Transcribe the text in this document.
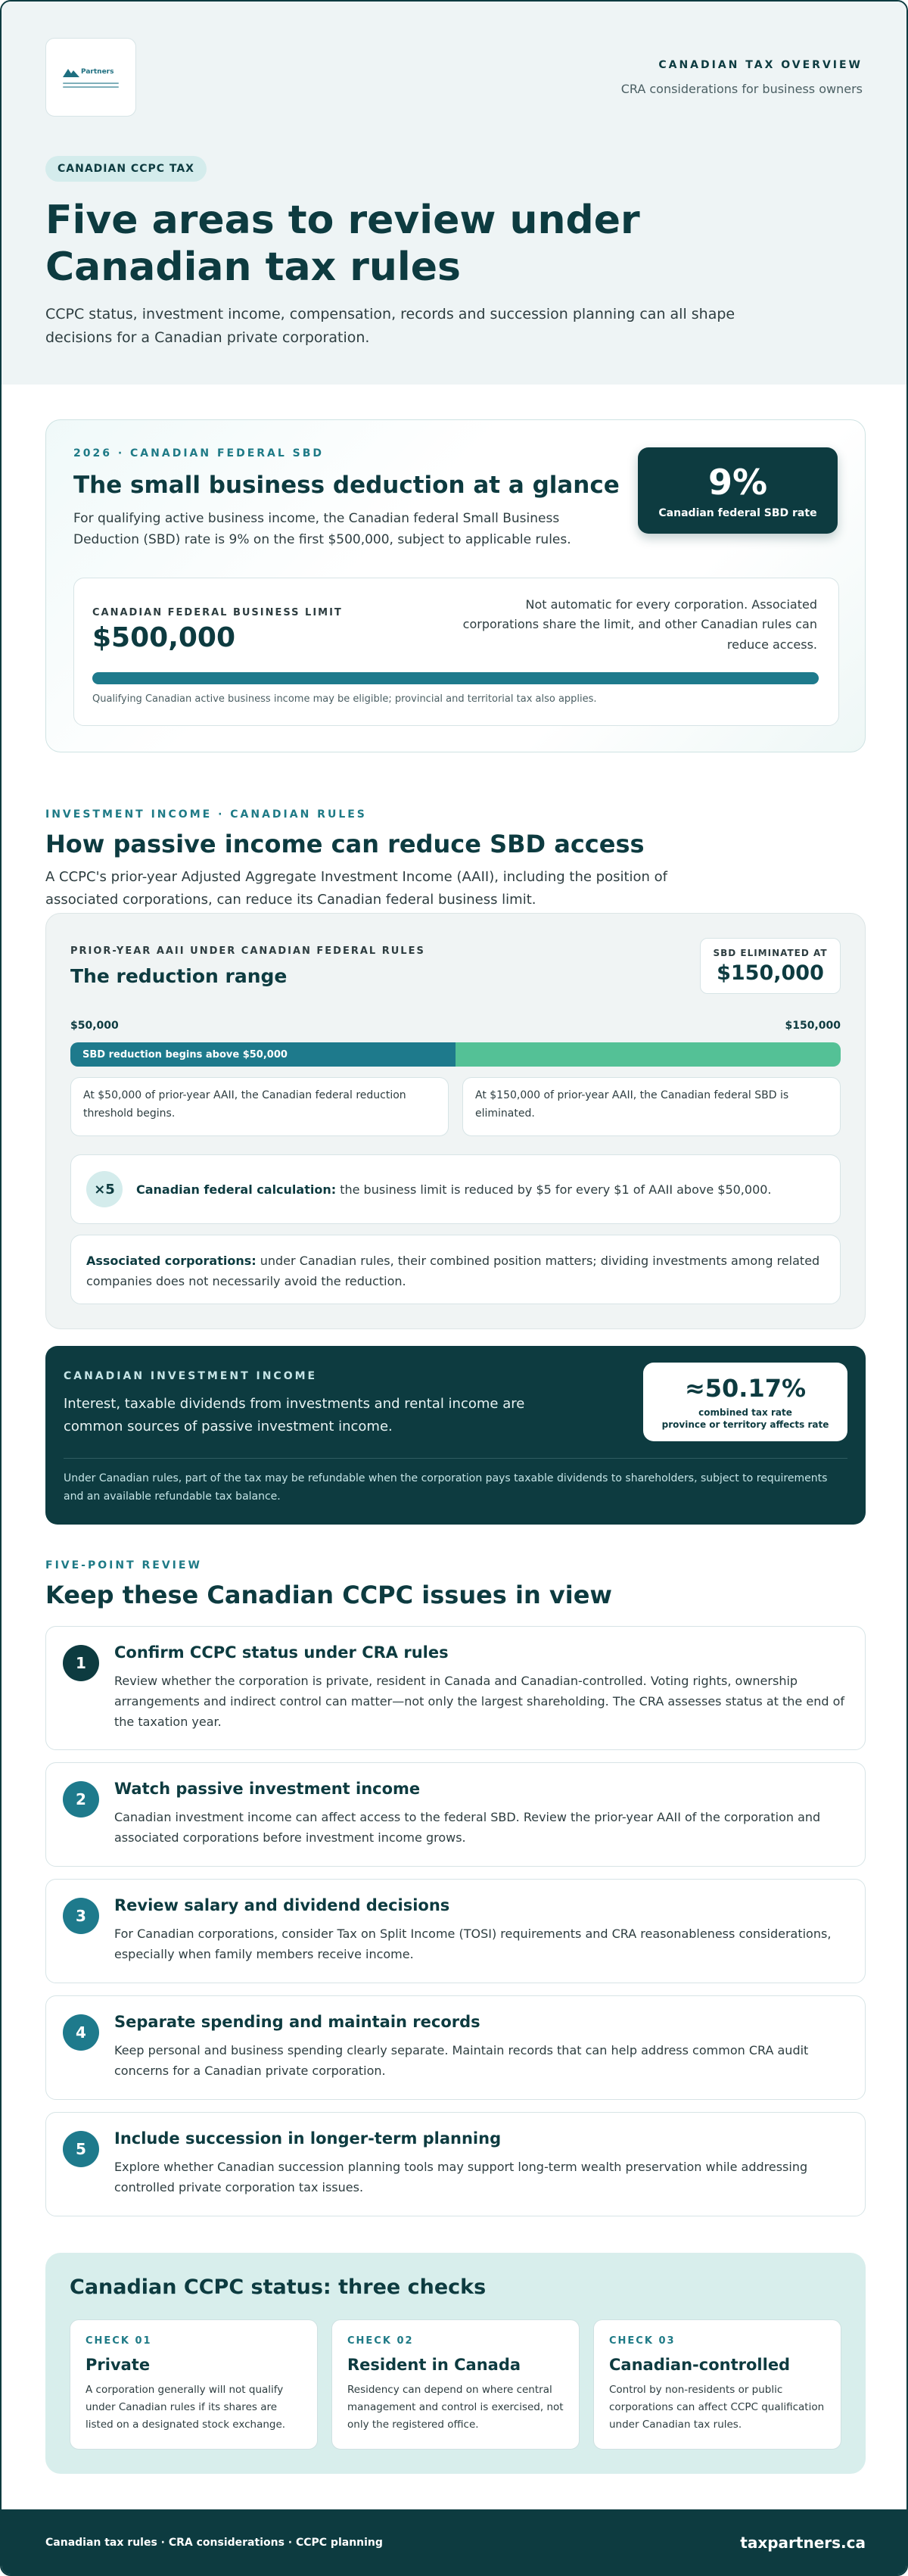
Partners
CANADIAN TAX OVERVIEW
CRA considerations for business owners
CANADIAN CCPC TAX
Five areas to review under Canadian tax rules

CCPC status, investment income, compensation, records and succession planning can all shape decisions for a Canadian private corporation.

2026 · CANADIAN FEDERAL SBD
The small business deduction at a glance

For qualifying active business income, the Canadian federal Small Business Deduction (SBD) rate is 9% on the first $500,000, subject to applicable rules.

9%
Canadian federal SBD rate
CANADIAN FEDERAL BUSINESS LIMIT
$500,000
Not automatic for every corporation. Associated corporations share the limit, and other Canadian rules can reduce access.
Qualifying Canadian active business income may be eligible; provincial and territorial tax also applies.
INVESTMENT INCOME · CANADIAN RULES
How passive income can reduce SBD access

A CCPC's prior-year Adjusted Aggregate Investment Income (AAII), including the position of associated corporations, can reduce its Canadian federal business limit.

PRIOR-YEAR AAII UNDER CANADIAN FEDERAL RULES
The reduction range
SBD ELIMINATED AT
$150,000
$50,000	$150,000
SBD reduction begins above $50,000
At $50,000 of prior-year AAII, the Canadian federal reduction threshold begins.
At $150,000 of prior-year AAII, the Canadian federal SBD is eliminated.
×5	Canadian federal calculation: the business limit is reduced by $5 for every $1 of AAII above $50,000.
Associated corporations: under Canadian rules, their combined position matters; dividing investments among related companies does not necessarily avoid the reduction.
CANADIAN INVESTMENT INCOME

Interest, taxable dividends from investments and rental income are common sources of passive investment income.

≈50.17%
combined tax rate
province or territory affects rate

Under Canadian rules, part of the tax may be refundable when the corporation pays taxable dividends to shareholders, subject to requirements and an available refundable tax balance.

FIVE-POINT REVIEW
Keep these Canadian CCPC issues in view
1
Confirm CCPC status under CRA rules
Review whether the corporation is private, resident in Canada and Canadian-controlled. Voting rights, ownership arrangements and indirect control can matter—not only the largest shareholding. The CRA assesses status at the end of the taxation year.
2
Watch passive investment income
Canadian investment income can affect access to the federal SBD. Review the prior-year AAII of the corporation and associated corporations before investment income grows.
3
Review salary and dividend decisions
For Canadian corporations, consider Tax on Split Income (TOSI) requirements and CRA reasonableness considerations, especially when family members receive income.
4
Separate spending and maintain records
Keep personal and business spending clearly separate. Maintain records that can help address common CRA audit concerns for a Canadian private corporation.
5
Include succession in longer-term planning
Explore whether Canadian succession planning tools may support long-term wealth preservation while addressing controlled private corporation tax issues.
Canadian CCPC status: three checks
CHECK 01
Private
A corporation generally will not qualify under Canadian rules if its shares are listed on a designated stock exchange.
CHECK 02
Resident in Canada
Residency can depend on where central management and control is exercised, not only the registered office.
CHECK 03
Canadian-controlled
Control by non-residents or public corporations can affect CCPC qualification under Canadian tax rules.
Canadian tax rules · CRA considerations · CCPC planning	taxpartners.ca
